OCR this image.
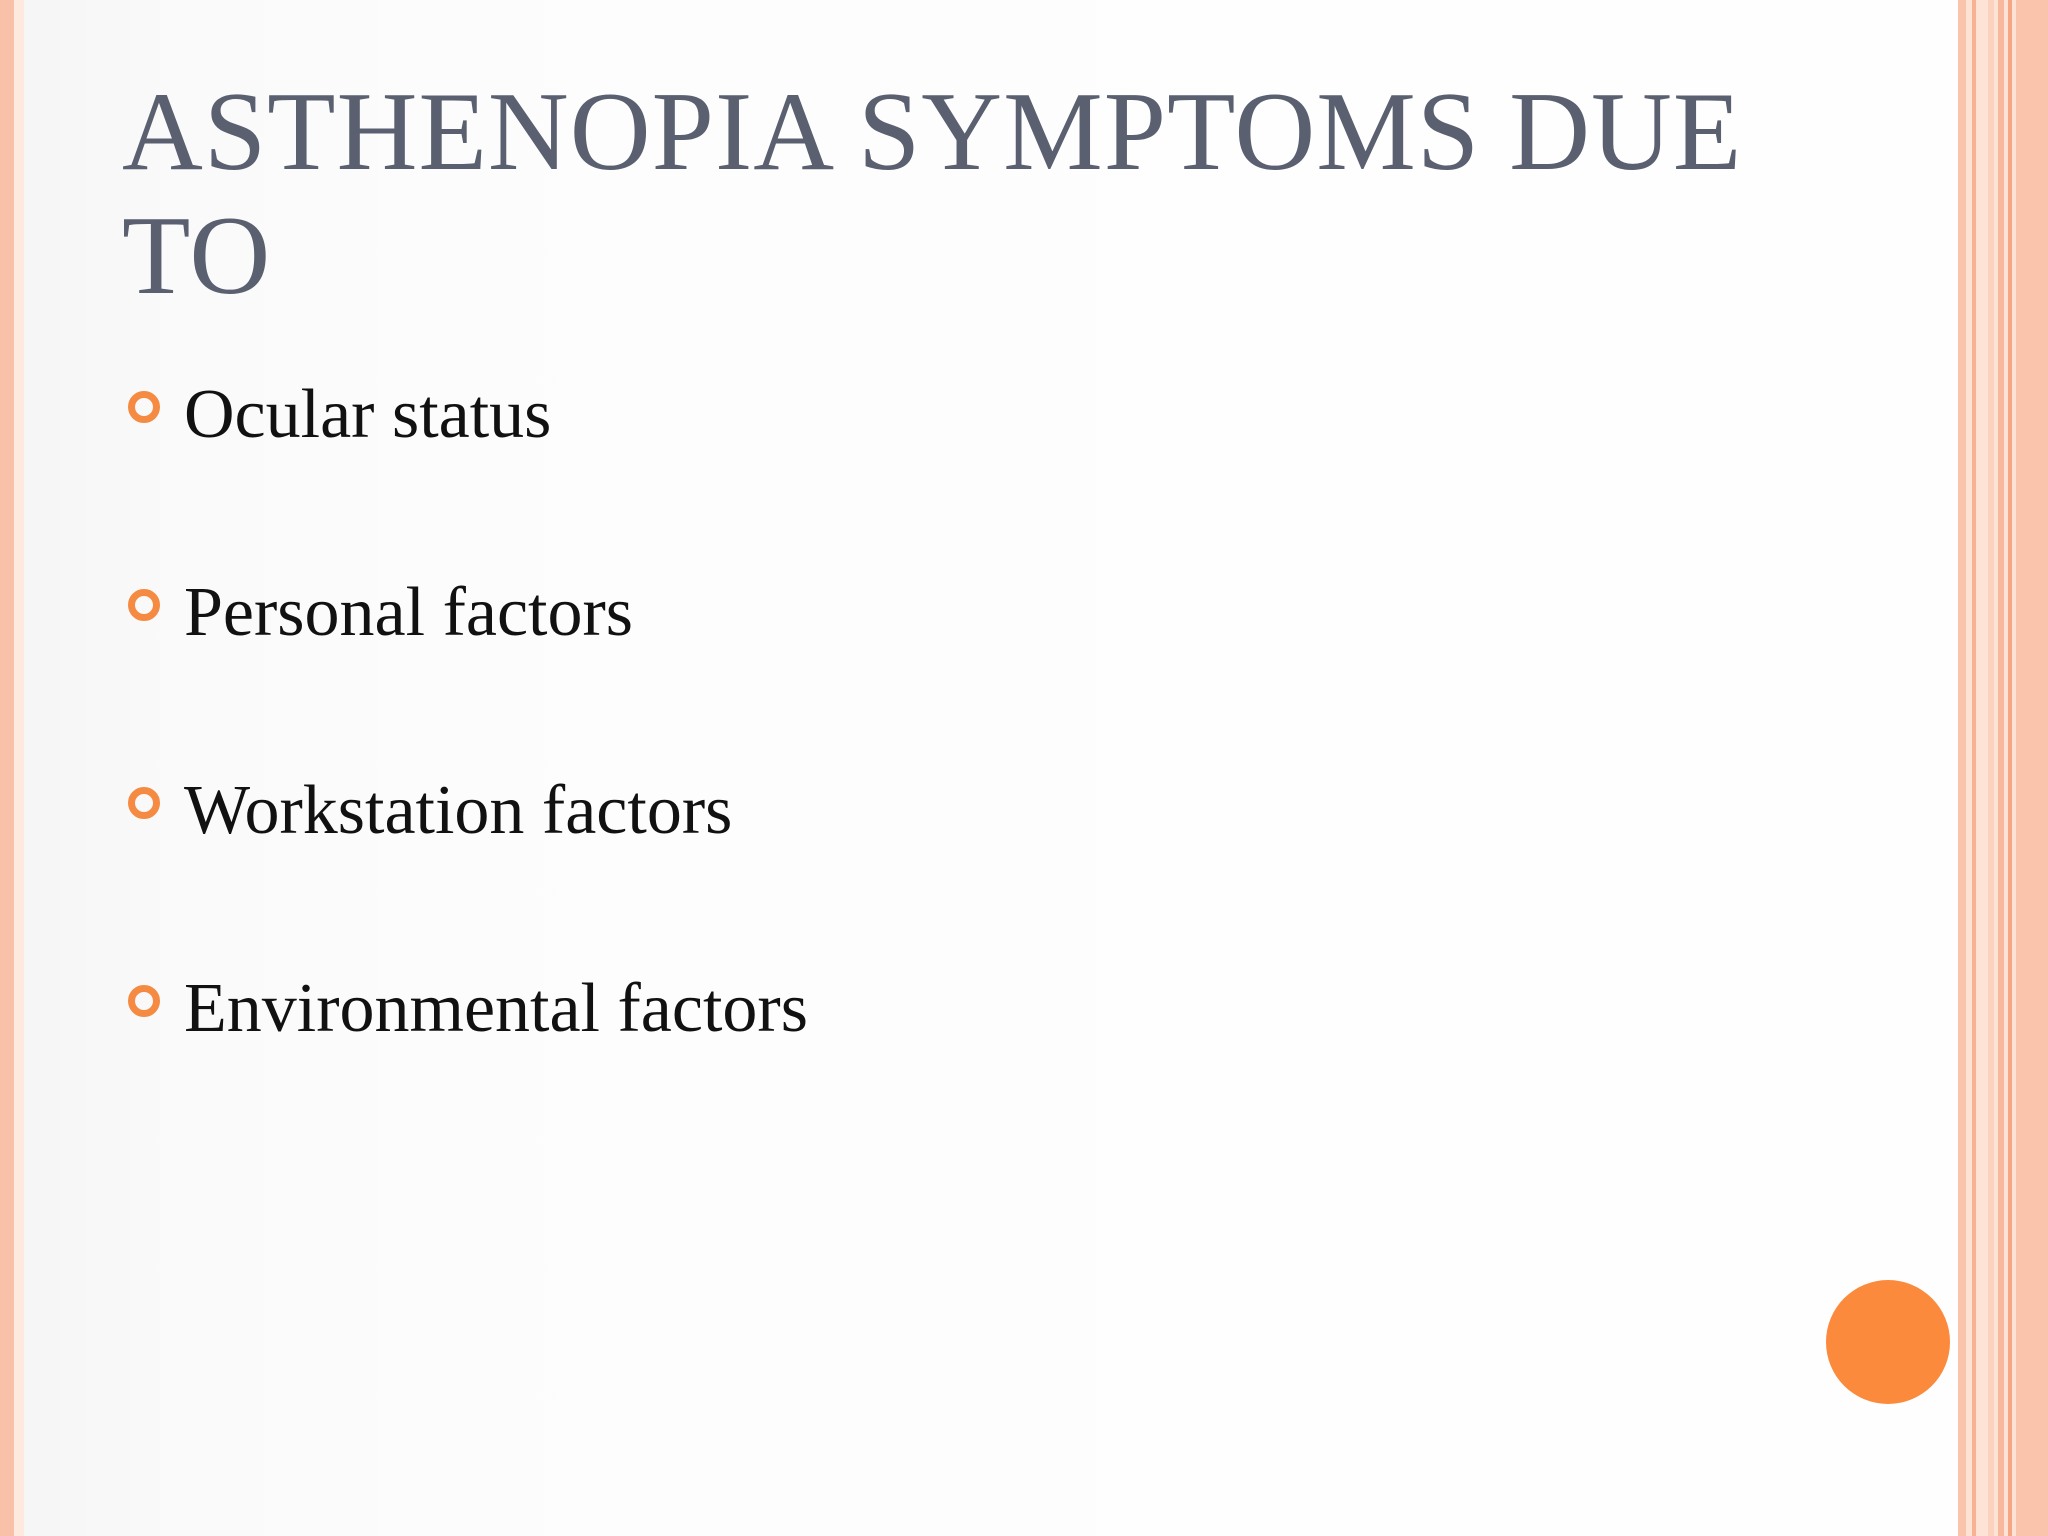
ASTHENOPIA SYMPTOMS DUE TO
Ocular status
Personal factors
Workstation factors
Environmental factors
